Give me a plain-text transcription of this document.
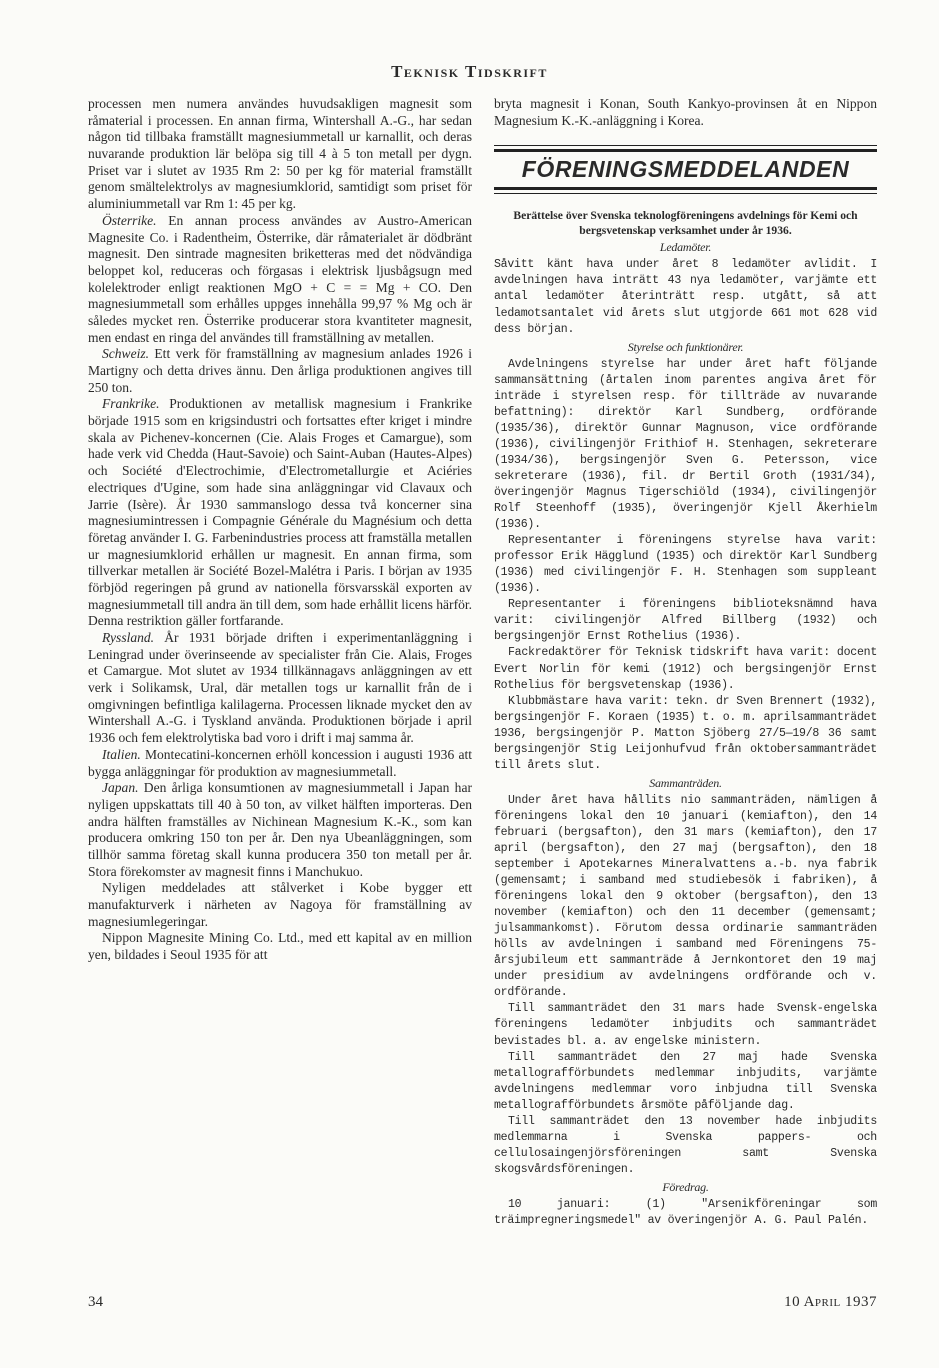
Teknisk Tidskrift

processen men numera användes huvudsakligen magnesit som råmaterial i processen. En annan firma, Wintershall A.-G., har sedan någon tid tillbaka framställt magnesiummetall ur karnallit, och deras nuvarande produktion lär belöpa sig till 4 à 5 ton metall per dygn. Priset var i slutet av 1935 Rm 2: 50 per kg för material framställt genom smältelektrolys av magnesiumklorid, samtidigt som priset för aluminiummetall var Rm 1: 45 per kg.

Österrike. En annan process användes av Austro-American Magnesite Co. i Radentheim, Österrike, där råmaterialet är dödbränt magnesit. Den sintrade magnesiten briketteras med det nödvändiga beloppet kol, reduceras och förgasas i elektrisk ljusbågsugn med kolelektroder enligt reaktionen MgO + C = = Mg + CO. Den magnesiummetall som erhålles uppges innehålla 99,97 % Mg och är således mycket ren. Österrike producerar stora kvantiteter magnesit, men endast en ringa del användes till framställning av metallen.

Schweiz. Ett verk för framställning av magnesium anlades 1926 i Martigny och detta drives ännu. Den årliga produktionen angives till 250 ton.

Frankrike. Produktionen av metallisk magnesium i Frankrike började 1915 som en krigsindustri och fortsattes efter kriget i mindre skala av Pichenev-koncernen (Cie. Alais Froges et Camargue), som hade verk vid Chedda (Haut-Savoie) och Saint-Auban (Hautes-Alpes) och Société d'Electrochimie, d'Electrometallurgie et Aciéries electriques d'Ugine, som hade sina anläggningar vid Clavaux och Jarrie (Isère). År 1930 sammanslogo dessa två koncerner sina magnesiumintressen i Compagnie Générale du Magnésium och detta företag använder I. G. Farbenindustries process att framställa metallen ur magnesiumklorid erhållen ur magnesit. En annan firma, som tillverkar metallen är Société Bozel-Malétra i Paris. I början av 1935 förbjöd regeringen på grund av nationella försvarsskäl exporten av magnesiummetall till andra än till dem, som hade erhållit licens härför. Denna restriktion gäller fortfarande.

Ryssland. År 1931 började driften i experimentanläggning i Leningrad under överinseende av specialister från Cie. Alais, Froges et Camargue. Mot slutet av 1934 tillkännagavs anläggningen av ett verk i Solikamsk, Ural, där metallen togs ur karnallit från de i omgivningen befintliga kalilagerna. Processen liknade mycket den av Wintershall A.-G. i Tyskland använda. Produktionen började i april 1936 och fem elektrolytiska bad voro i drift i maj samma år.

Italien. Montecatini-koncernen erhöll koncession i augusti 1936 att bygga anläggningar för produktion av magnesiummetall.

Japan. Den årliga konsumtionen av magnesiummetall i Japan har nyligen uppskattats till 40 à 50 ton, av vilket hälften importeras. Den andra hälften framställes av Nichinean Magnesium K.-K., som kan producera omkring 150 ton per år. Den nya Ubeanläggningen, som tillhör samma företag skall kunna producera 350 ton metall per år. Stora förekomster av magnesit finns i Manchukuo.

Nyligen meddelades att stålverket i Kobe bygger ett manufakturverk i närheten av Nagoya för framställning av magnesiumlegeringar.

Nippon Magnesite Mining Co. Ltd., med ett kapital av en million yen, bildades i Seoul 1935 för att

bryta magnesit i Konan, South Kankyo-provinsen åt en Nippon Magnesium K.-K.-anläggning i Korea.
FÖRENINGSMEDDELANDEN
Berättelse över Svenska teknologföreningens avdelnings för Kemi och bergsvetenskap verksamhet under år 1936.
Ledamöter.

Såvitt känt hava under året 8 ledamöter avlidit. I avdelningen hava inträtt 43 nya ledamöter, varjämte ett antal ledamöter återinträtt resp. utgått, så att ledamotsantalet vid årets slut utgjorde 661 mot 628 vid dess början.

Styrelse och funktionärer.

Avdelningens styrelse har under året haft följande sammansättning (årtalen inom parentes angiva året för inträde i styrelsen resp. för tillträde av nuvarande befattning): direktör Karl Sundberg, ordförande (1935/36), direktör Gunnar Magnuson, vice ordförande (1936), civilingenjör Frithiof H. Stenhagen, sekreterare (1934/36), bergsingenjör Sven G. Petersson, vice sekreterare (1936), fil. dr Bertil Groth (1931/34), överingenjör Magnus Tigerschiöld (1934), civilingenjör Rolf Steenhoff (1935), överingenjör Kjell Åkerhielm (1936).

Representanter i föreningens styrelse hava varit: professor Erik Hägglund (1935) och direktör Karl Sundberg (1936) med civilingenjör F. H. Stenhagen som suppleant (1936).

Representanter i föreningens biblioteksnämnd hava varit: civilingenjör Alfred Billberg (1932) och bergsingenjör Ernst Rothelius (1936).

Fackredaktörer för Teknisk tidskrift hava varit: docent Evert Norlin för kemi (1912) och bergsingenjör Ernst Rothelius för bergsvetenskap (1936).

Klubbmästare hava varit: tekn. dr Sven Brennert (1932), bergsingenjör F. Koraen (1935) t. o. m. aprilsammanträdet 1936, bergsingenjör P. Matton Sjöberg 27/5—19/8 36 samt bergsingenjör Stig Leijonhufvud från oktobersammanträdet till årets slut.

Sammanträden.

Under året hava hållits nio sammanträden, nämligen å föreningens lokal den 10 januari (kemiafton), den 14 februari (bergsafton), den 31 mars (kemiafton), den 17 april (bergsafton), den 27 maj (bergsafton), den 18 september i Apotekarnes Mineralvattens a.-b. nya fabrik (gemensamt; i samband med studiebesök i fabriken), å föreningens lokal den 9 oktober (bergsafton), den 13 november (kemiafton) och den 11 december (gemensamt; julsammankomst). Förutom dessa ordinarie sammanträden hölls av avdelningen i samband med Föreningens 75-årsjubileum ett sammanträde å Jernkontoret den 19 maj under presidium av avdelningens ordförande och v. ordförande.

Till sammanträdet den 31 mars hade Svensk-engelska föreningens ledamöter inbjudits och sammanträdet bevistades bl. a. av engelske ministern.

Till sammanträdet den 27 maj hade Svenska metallografförbundets medlemmar inbjudits, varjämte avdelningens medlemmar voro inbjudna till Svenska metallografförbundets årsmöte påföljande dag.

Till sammanträdet den 13 november hade inbjudits medlemmarna i Svenska pappers- och cellulosaingenjörsföreningen samt Svenska skogsvårdsföreningen.

Föredrag.

10 januari: (1) "Arsenikföreningar som träimpregneringsmedel" av överingenjör A. G. Paul Palén.

34	10 April 1937
